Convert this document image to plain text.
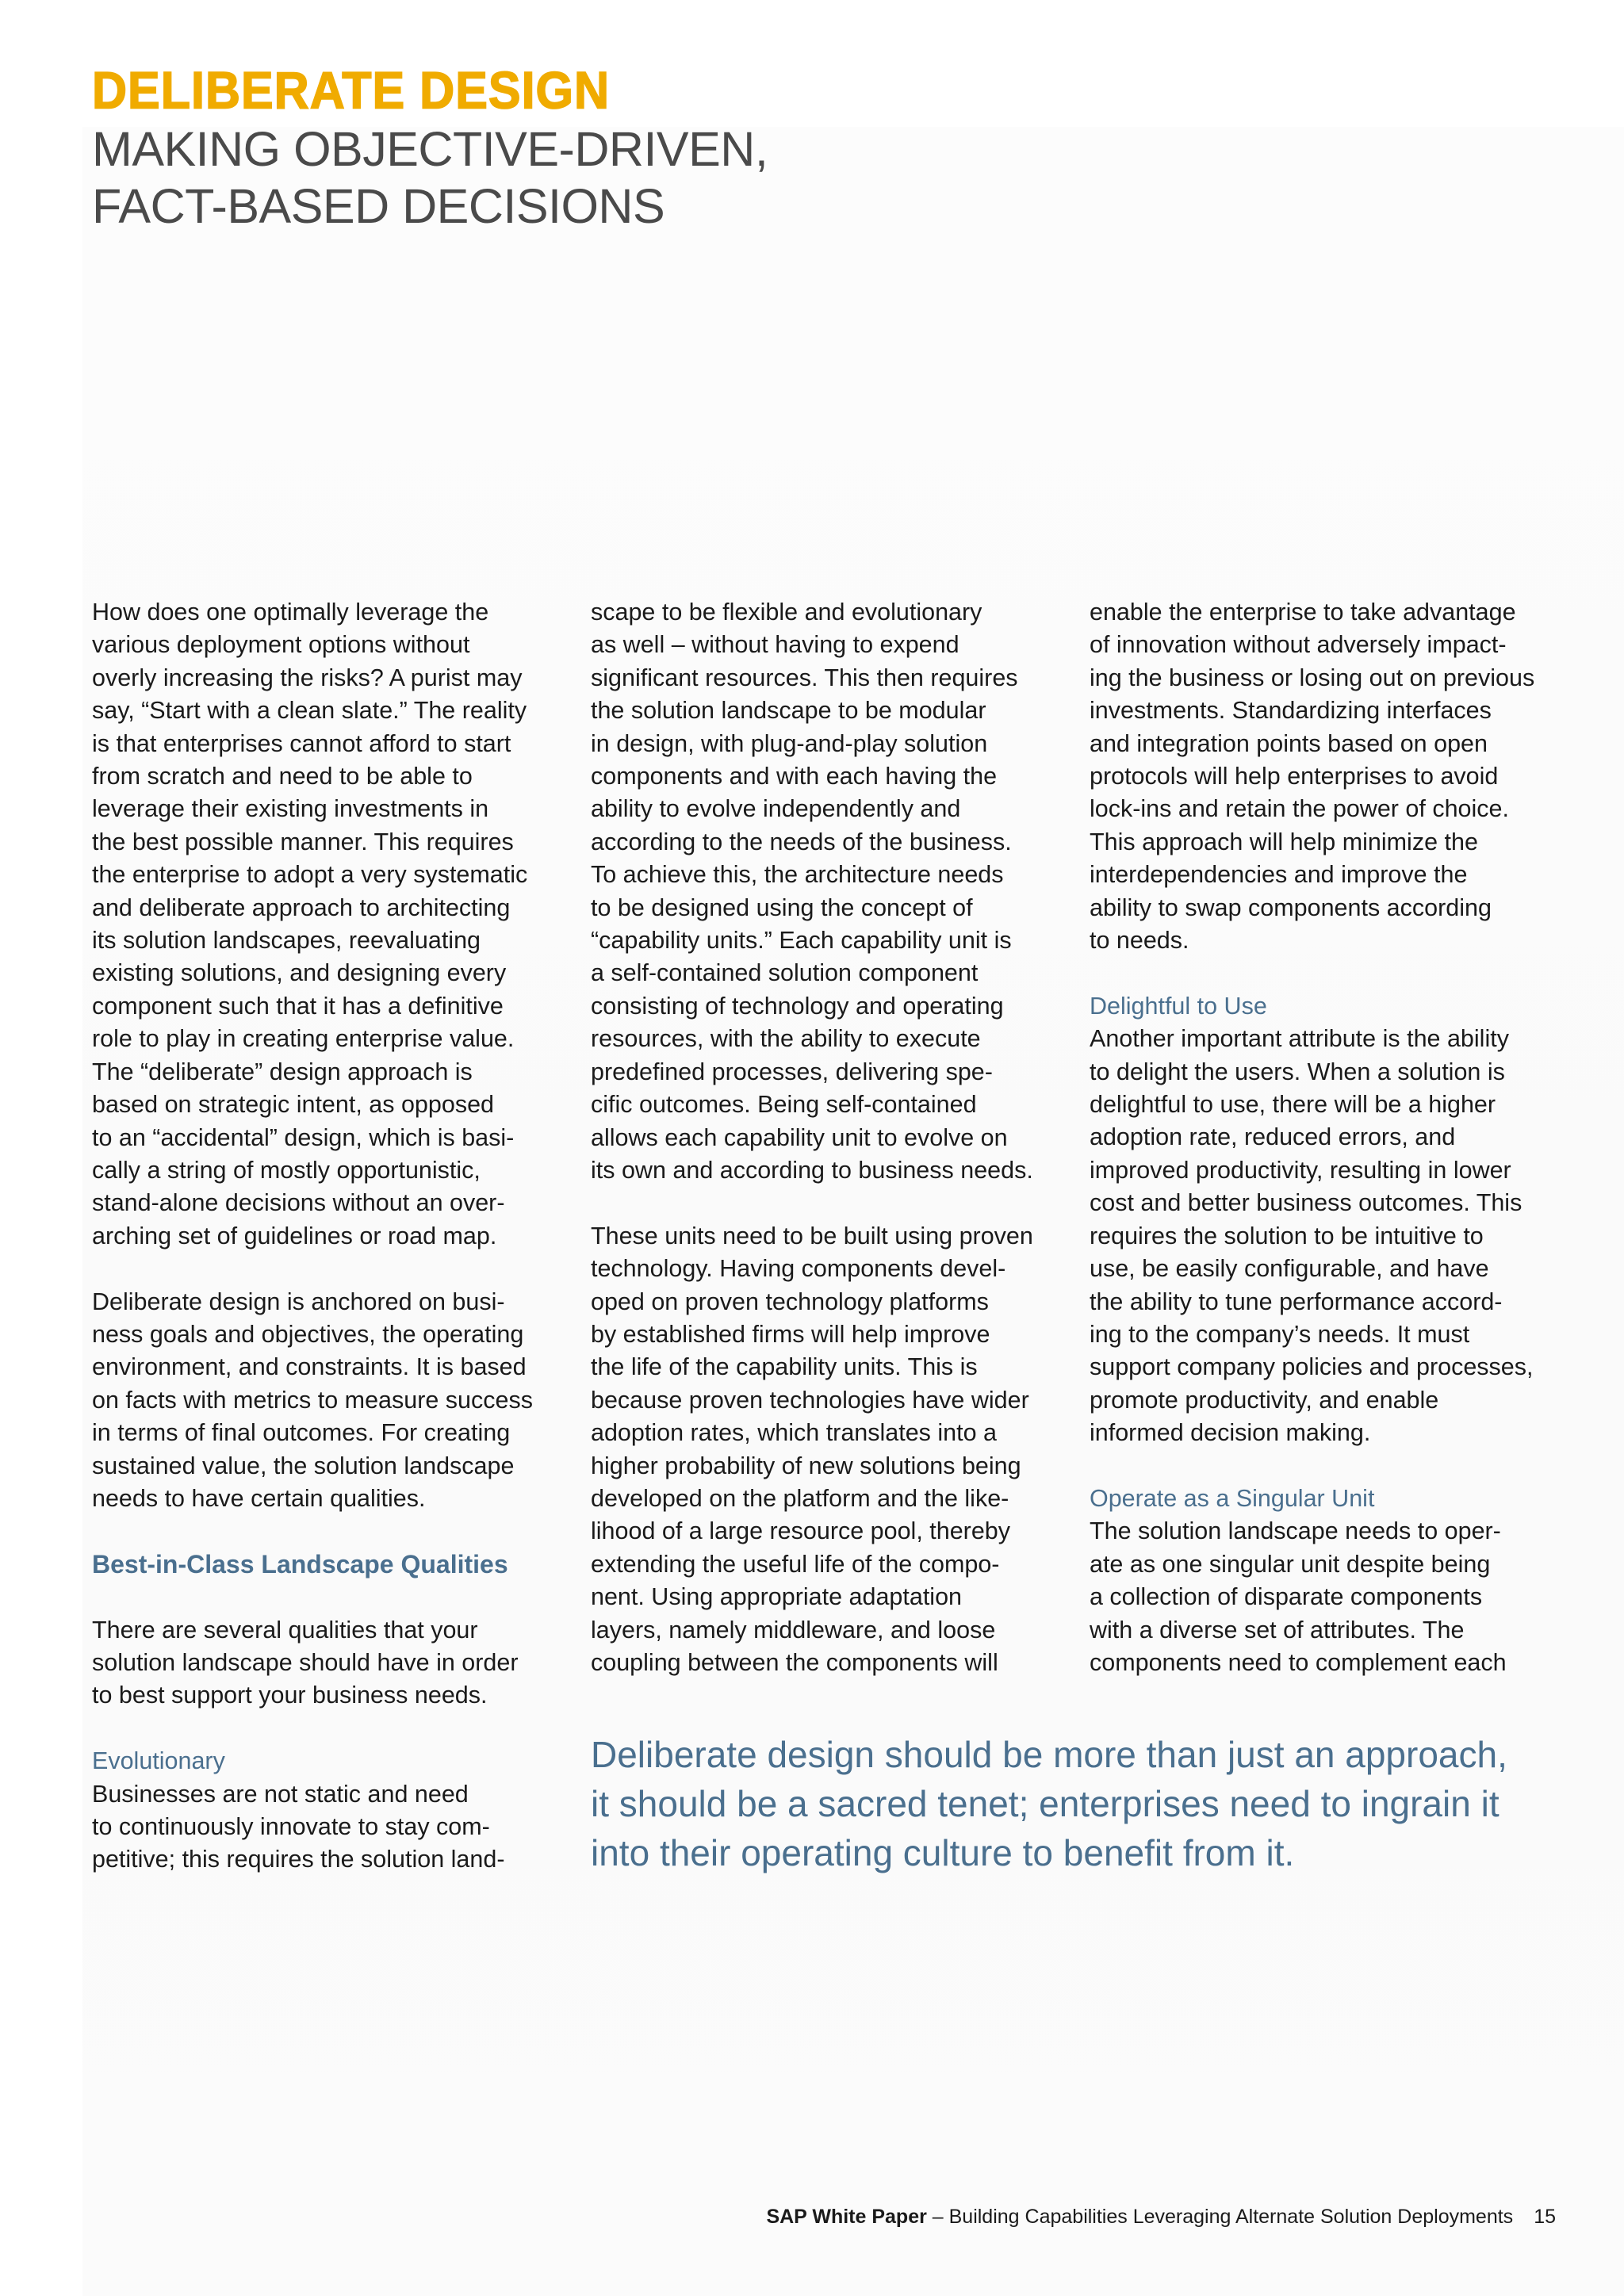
DELIBERATE DESIGN
MAKING OBJECTIVE-DRIVEN,
FACT-BASED DECISIONS

How does one optimally leverage the
various deployment options without
overly increasing the risks? A purist may
say, “Start with a clean slate.” The reality
is that enterprises cannot afford to start
from scratch and need to be able to
leverage their existing investments in
the best possible manner. This requires
the enterprise to adopt a very systematic
and deliberate approach to architecting
its solution landscapes, reevaluating
existing solutions, and designing every
component such that it has a definitive
role to play in creating enterprise value.
The “deliberate” design approach is
based on strategic intent, as opposed
to an “accidental” design, which is basi-
cally a string of mostly opportunistic,
stand-alone decisions without an over-
arching set of guidelines or road map.

Deliberate design is anchored on busi-
ness goals and objectives, the operating
environment, and constraints. It is based
on facts with metrics to measure success
in terms of final outcomes. For creating
sustained value, the solution landscape
needs to have certain qualities.

Best-in-Class Landscape Qualities

There are several qualities that your
solution landscape should have in order
to best support your business needs.

Evolutionary

Businesses are not static and need
to continuously innovate to stay com-
petitive; this requires the solution land-

scape to be flexible and evolutionary
as well – without having to expend
significant resources. This then requires
the solution landscape to be modular
in design, with plug-and-play solution
components and with each having the
ability to evolve independently and
according to the needs of the business.
To achieve this, the architecture needs
to be designed using the concept of
“capability units.” Each capability unit is
a self-contained solution component
consisting of technology and operating
resources, with the ability to execute
predefined processes, delivering spe-
cific outcomes. Being self-contained
allows each capability unit to evolve on
its own and according to business needs.

These units need to be built using proven
technology. Having components devel-
oped on proven technology platforms
by established firms will help improve
the life of the capability units. This is
because proven technologies have wider
adoption rates, which translates into a
higher probability of new solutions being
developed on the platform and the like-
lihood of a large resource pool, thereby
extending the useful life of the compo-
nent. Using appropriate adaptation
layers, namely middleware, and loose
coupling between the components will

enable the enterprise to take advantage
of innovation without adversely impact-
ing the business or losing out on previous
investments. Standardizing interfaces
and integration points based on open
protocols will help enterprises to avoid
lock-ins and retain the power of choice.
This approach will help minimize the
interdependencies and improve the
ability to swap components according
to needs.

Delightful to Use

Another important attribute is the ability
to delight the users. When a solution is
delightful to use, there will be a higher
adoption rate, reduced errors, and
improved productivity, resulting in lower
cost and better business outcomes. This
requires the solution to be intuitive to
use, be easily configurable, and have
the ability to tune performance accord-
ing to the company’s needs. It must
support company policies and processes,
promote productivity, and enable
informed decision making.

Operate as a Singular Unit

The solution landscape needs to oper-
ate as one singular unit despite being
a collection of disparate components
with a diverse set of attributes. The
components need to complement each

Deliberate design should be more than just an approach,
it should be a sacred tenet; enterprises need to ingrain it
into their operating culture to benefit from it.

SAP White Paper – Building Capabilities Leveraging Alternate Solution Deployments 15
